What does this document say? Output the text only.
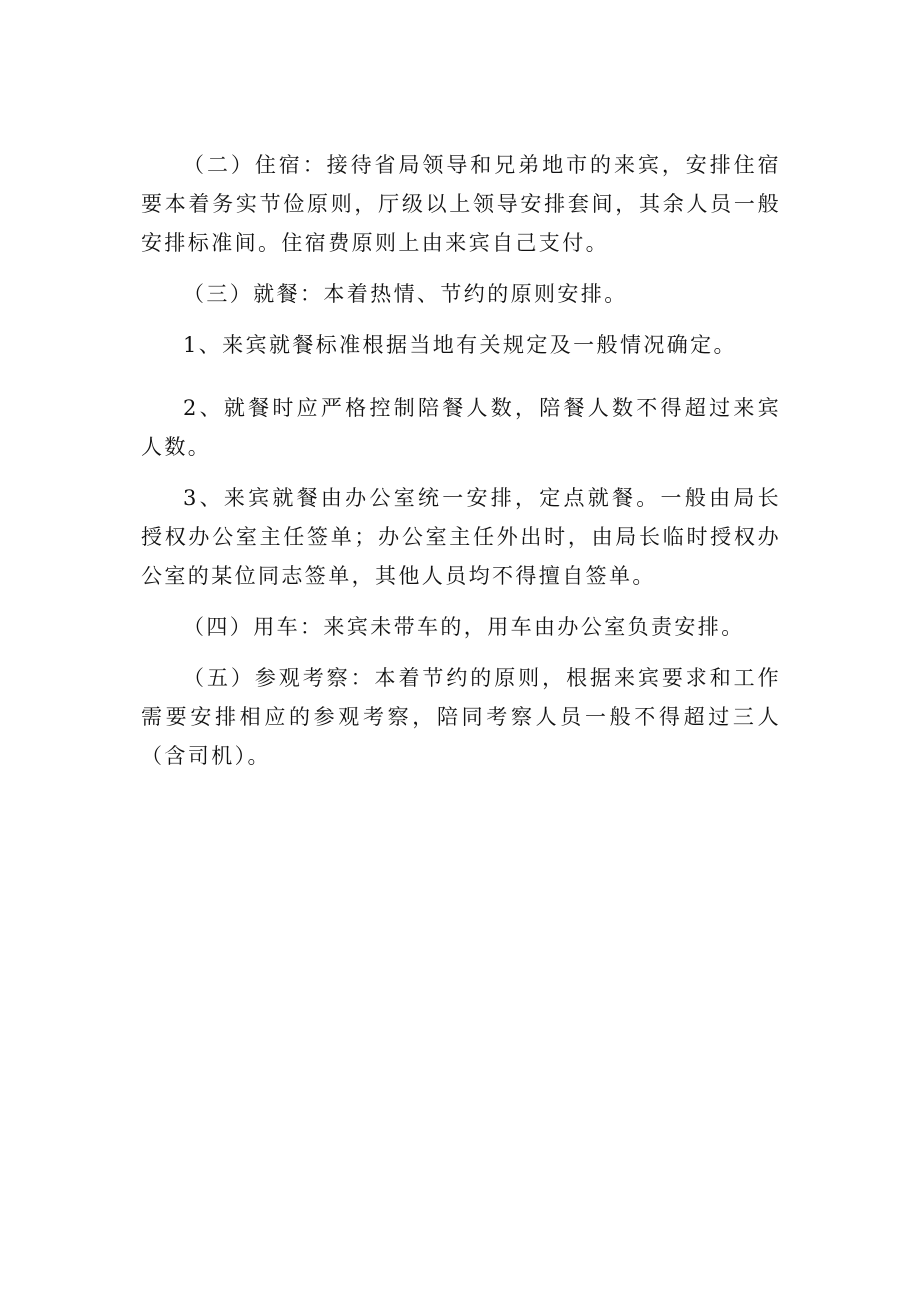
（二）住宿：接待省局领导和兄弟地市的来宾，安排住宿要本着务实节俭原则，厅级以上领导安排套间，其余人员一般安排标准间。住宿费原则上由来宾自己支付。

（三）就餐：本着热情、节约的原则安排。

1、来宾就餐标准根据当地有关规定及一般情况确定。

2、就餐时应严格控制陪餐人数，陪餐人数不得超过来宾人数。

3、来宾就餐由办公室统一安排，定点就餐。一般由局长授权办公室主任签单；办公室主任外出时，由局长临时授权办公室的某位同志签单，其他人员均不得擅自签单。

（四）用车：来宾未带车的，用车由办公室负责安排。

（五）参观考察：本着节约的原则，根据来宾要求和工作需要安排相应的参观考察，陪同考察人员一般不得超过三人（含司机）。
